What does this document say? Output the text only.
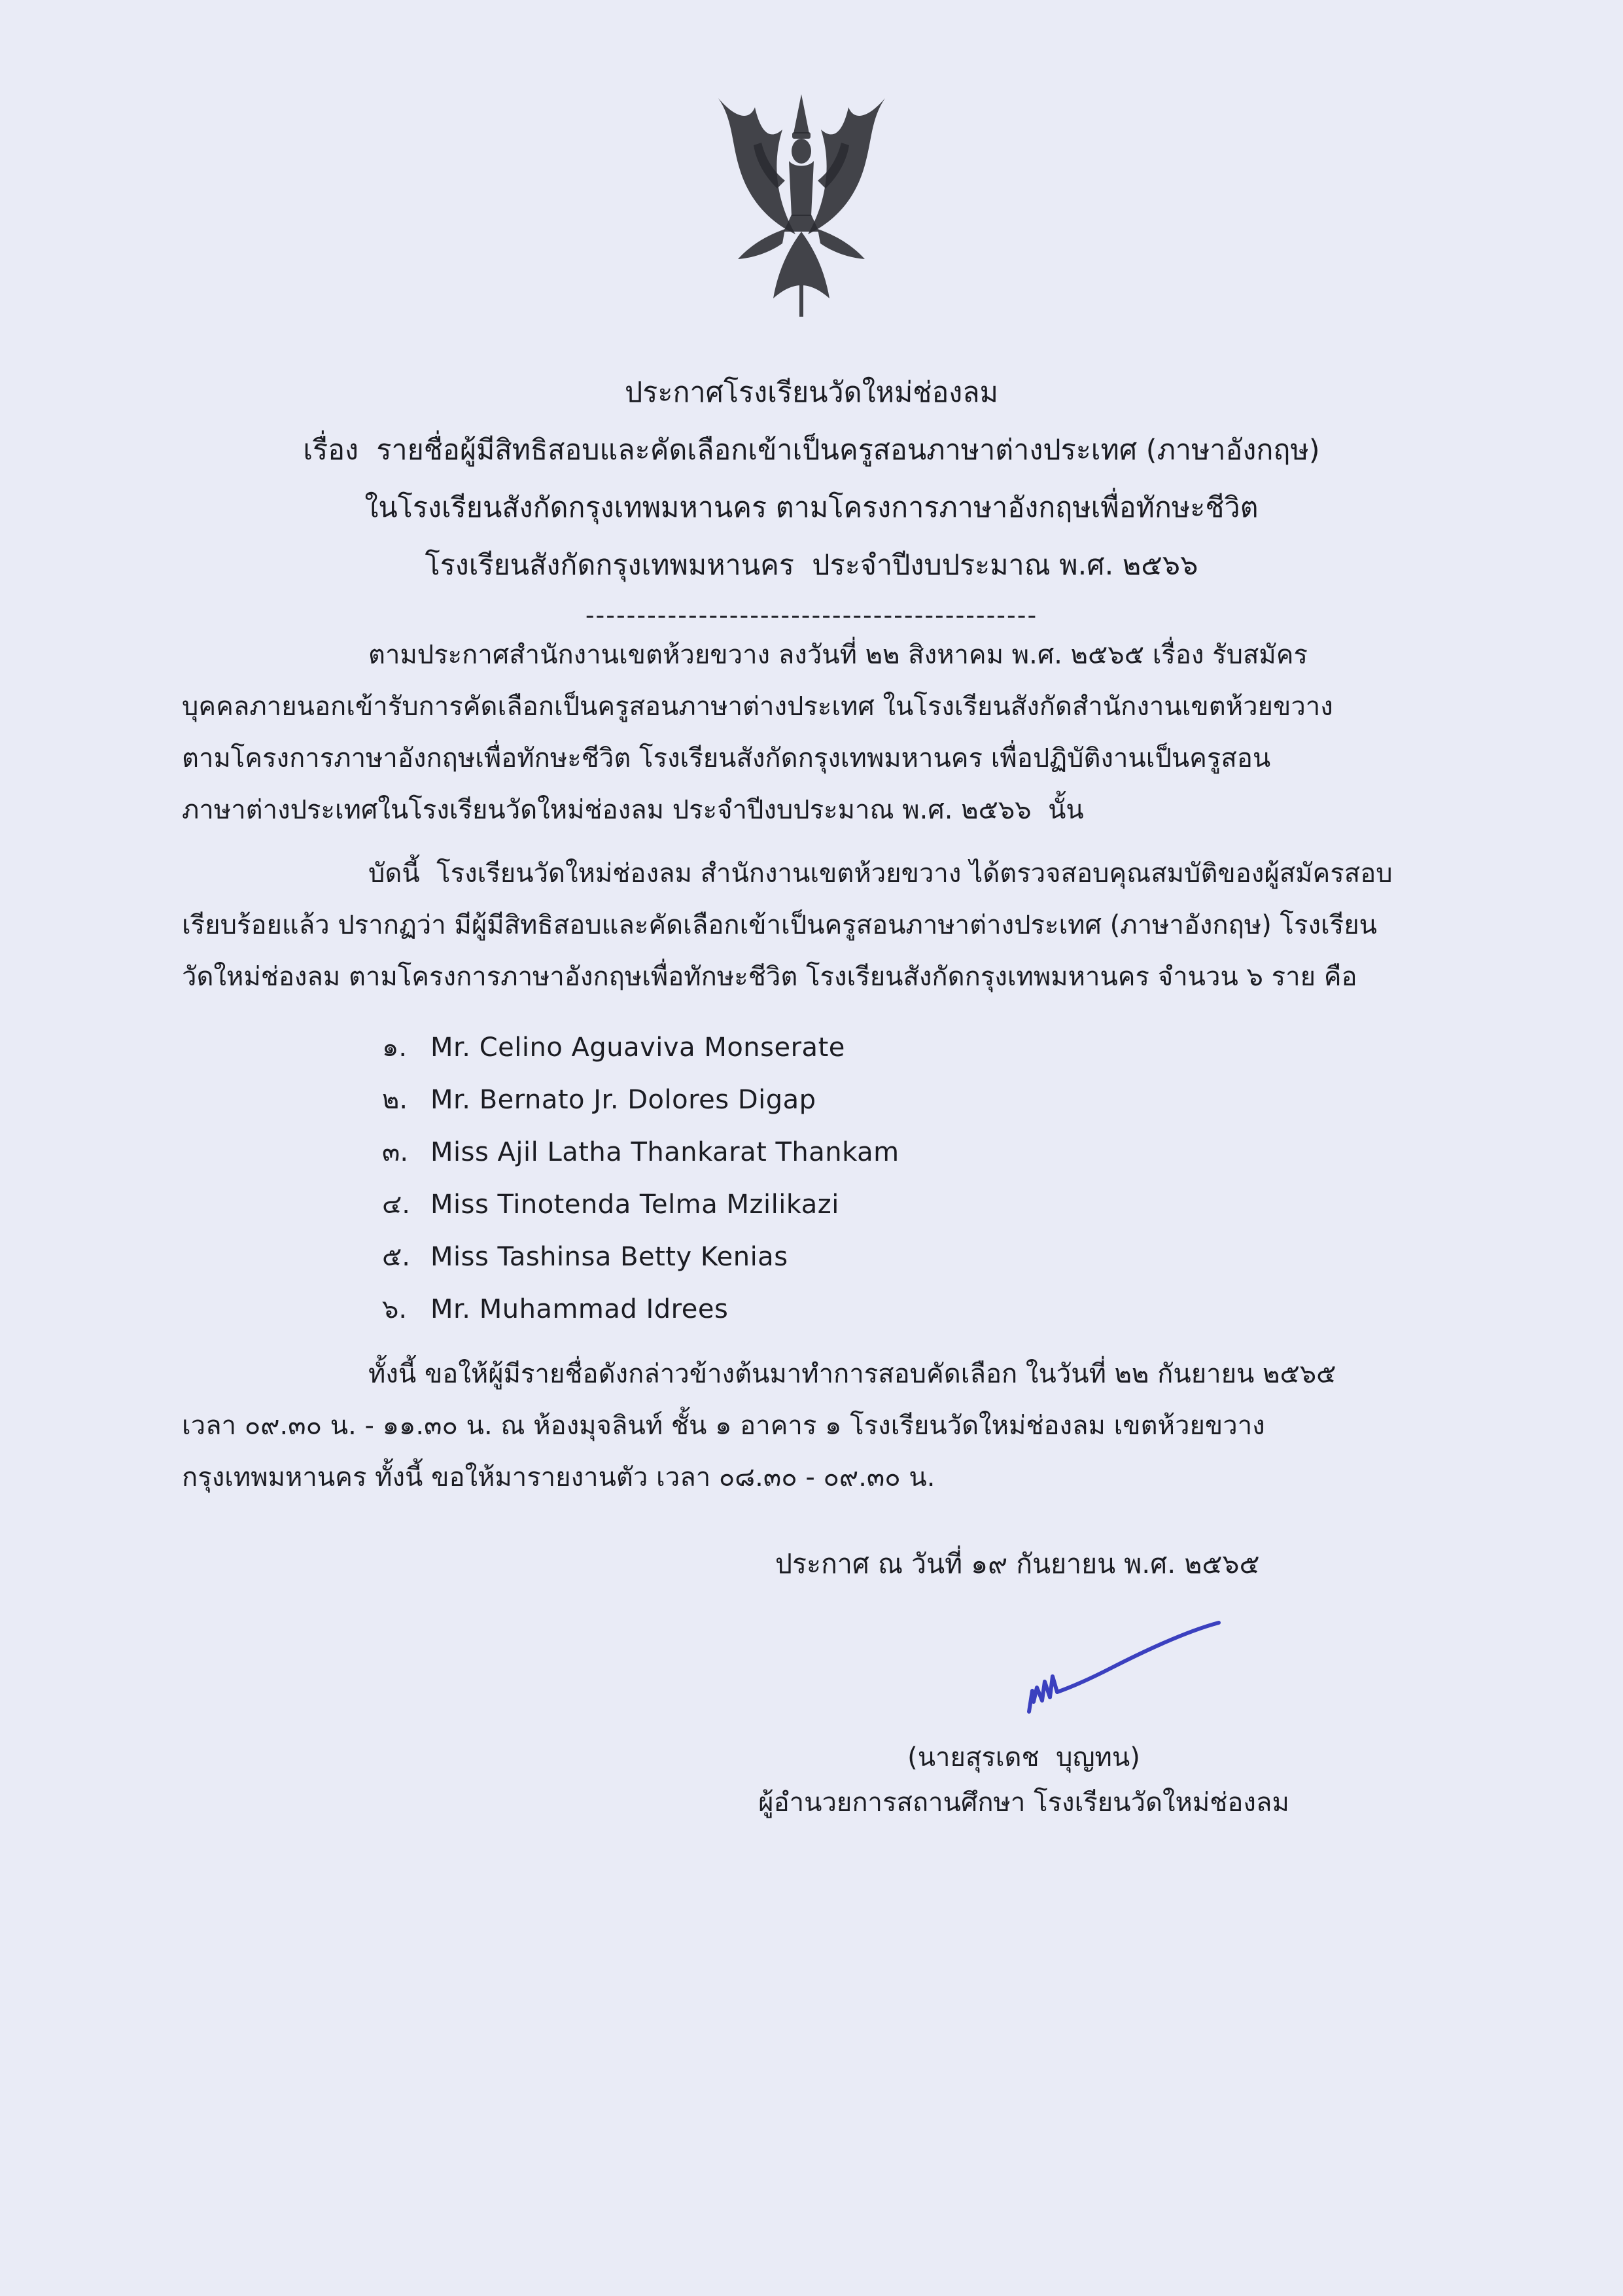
ประกาศโรงเรียนวัดใหม่ช่องลม
เรื่อง  รายชื่อผู้มีสิทธิสอบและคัดเลือกเข้าเป็นครูสอนภาษาต่างประเทศ (ภาษาอังกฤษ)
ในโรงเรียนสังกัดกรุงเทพมหานคร ตามโครงการภาษาอังกฤษเพื่อทักษะชีวิต
โรงเรียนสังกัดกรุงเทพมหานคร  ประจำปีงบประมาณ พ.ศ. ๒๕๖๖
--------------------------------------------
ตามประกาศสำนักงานเขตห้วยขวาง ลงวันที่ ๒๒ สิงหาคม พ.ศ. ๒๕๖๕ เรื่อง รับสมัคร
บุคคลภายนอกเข้ารับการคัดเลือกเป็นครูสอนภาษาต่างประเทศ ในโรงเรียนสังกัดสำนักงานเขตห้วยขวาง
ตามโครงการภาษาอังกฤษเพื่อทักษะชีวิต โรงเรียนสังกัดกรุงเทพมหานคร เพื่อปฏิบัติงานเป็นครูสอน
ภาษาต่างประเทศในโรงเรียนวัดใหม่ช่องลม ประจำปีงบประมาณ พ.ศ. ๒๕๖๖  นั้น
บัดนี้  โรงเรียนวัดใหม่ช่องลม สำนักงานเขตห้วยขวาง ได้ตรวจสอบคุณสมบัติของผู้สมัครสอบ
เรียบร้อยแล้ว ปรากฏว่า มีผู้มีสิทธิสอบและคัดเลือกเข้าเป็นครูสอนภาษาต่างประเทศ (ภาษาอังกฤษ) โรงเรียน
วัดใหม่ช่องลม ตามโครงการภาษาอังกฤษเพื่อทักษะชีวิต โรงเรียนสังกัดกรุงเทพมหานคร จำนวน ๖ ราย คือ
๑. Mr. Celino Aguaviva Monserate
๒. Mr. Bernato Jr. Dolores Digap
๓. Miss Ajil Latha Thankarat Thankam
๔. Miss Tinotenda Telma Mzilikazi
๕. Miss Tashinsa Betty Kenias
๖. Mr. Muhammad Idrees
ทั้งนี้ ขอให้ผู้มีรายชื่อดังกล่าวข้างต้นมาทำการสอบคัดเลือก ในวันที่ ๒๒ กันยายน ๒๕๖๕
เวลา ๐๙.๓๐ น. - ๑๑.๓๐ น. ณ ห้องมุจลินท์ ชั้น ๑ อาคาร ๑ โรงเรียนวัดใหม่ช่องลม เขตห้วยขวาง
กรุงเทพมหานคร ทั้งนี้ ขอให้มารายงานตัว เวลา ๐๘.๓๐ - ๐๙.๓๐ น.
ประกาศ ณ วันที่ ๑๙ กันยายน พ.ศ. ๒๕๖๕
(นายสุรเดช  บุญทน)
ผู้อำนวยการสถานศึกษา โรงเรียนวัดใหม่ช่องลม
